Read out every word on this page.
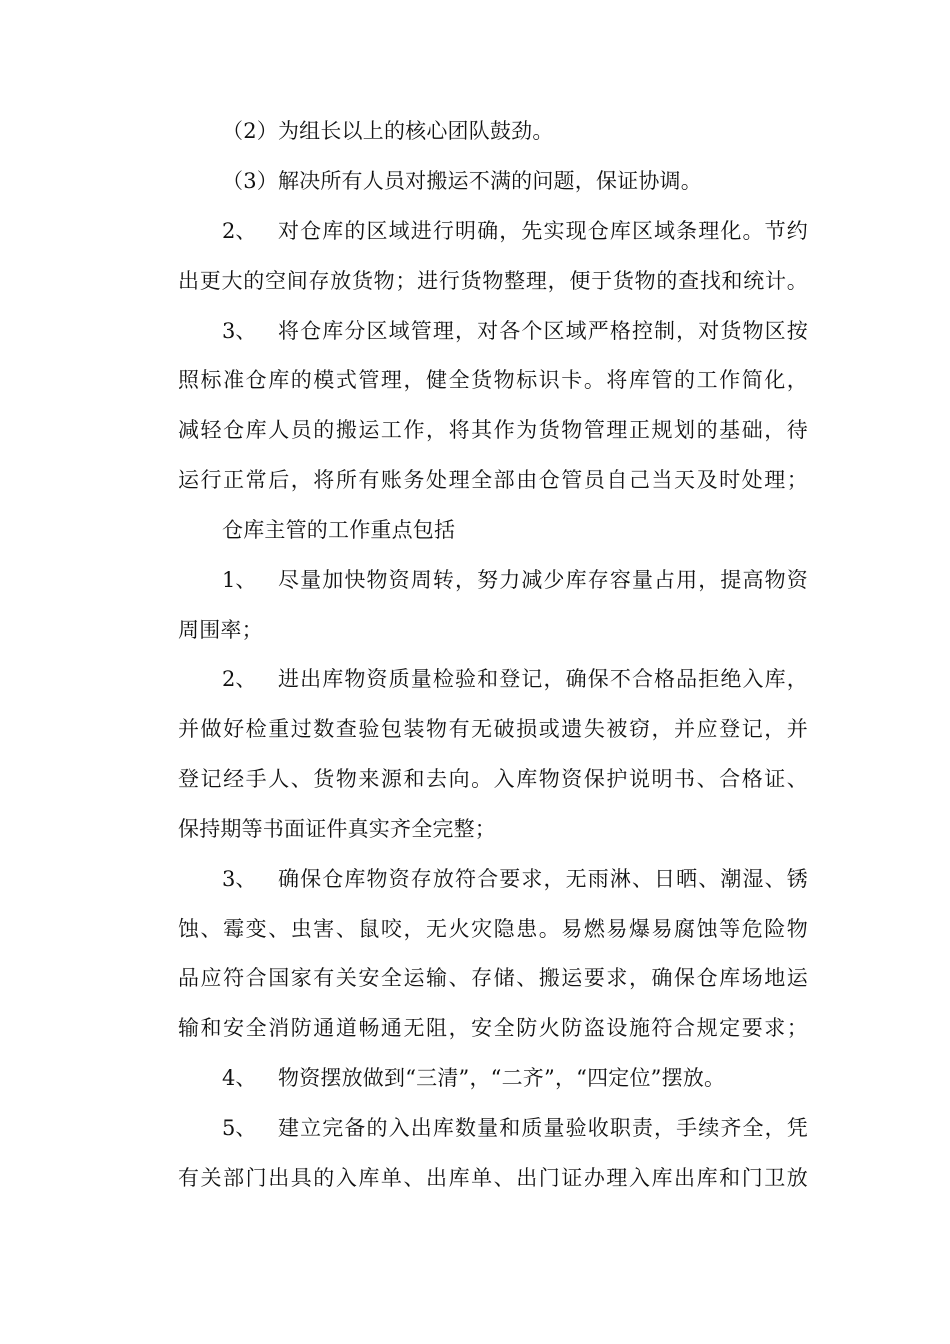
（2）为组长以上的核心团队鼓劲。
（3）解决所有人员对搬运不满的问题，保证协调。
2、 对仓库的区域进行明确，先实现仓库区域条理化。节约
出更大的空间存放货物；进行货物整理，便于货物的查找和统计。
3、 将仓库分区域管理，对各个区域严格控制，对货物区按
照标准仓库的模式管理，健全货物标识卡。将库管的工作简化，
减轻仓库人员的搬运工作，将其作为货物管理正规划的基础，待
运行正常后，将所有账务处理全部由仓管员自己当天及时处理；
仓库主管的工作重点包括
1、 尽量加快物资周转，努力减少库存容量占用，提高物资
周围率；
2、 进出库物资质量检验和登记，确保不合格品拒绝入库，
并做好检重过数查验包装物有无破损或遗失被窃，并应登记，并
登记经手人、货物来源和去向。入库物资保护说明书、合格证、
保持期等书面证件真实齐全完整；
3、 确保仓库物资存放符合要求，无雨淋、日晒、潮湿、锈
蚀、霉变、虫害、鼠咬，无火灾隐患。易燃易爆易腐蚀等危险物
品应符合国家有关安全运输、存储、搬运要求，确保仓库场地运
输和安全消防通道畅通无阻，安全防火防盗设施符合规定要求；
4、 物资摆放做到“三清”，“二齐”，“四定位”摆放。
5、 建立完备的入出库数量和质量验收职责，手续齐全，凭
有关部门出具的入库单、出库单、出门证办理入库出库和门卫放
